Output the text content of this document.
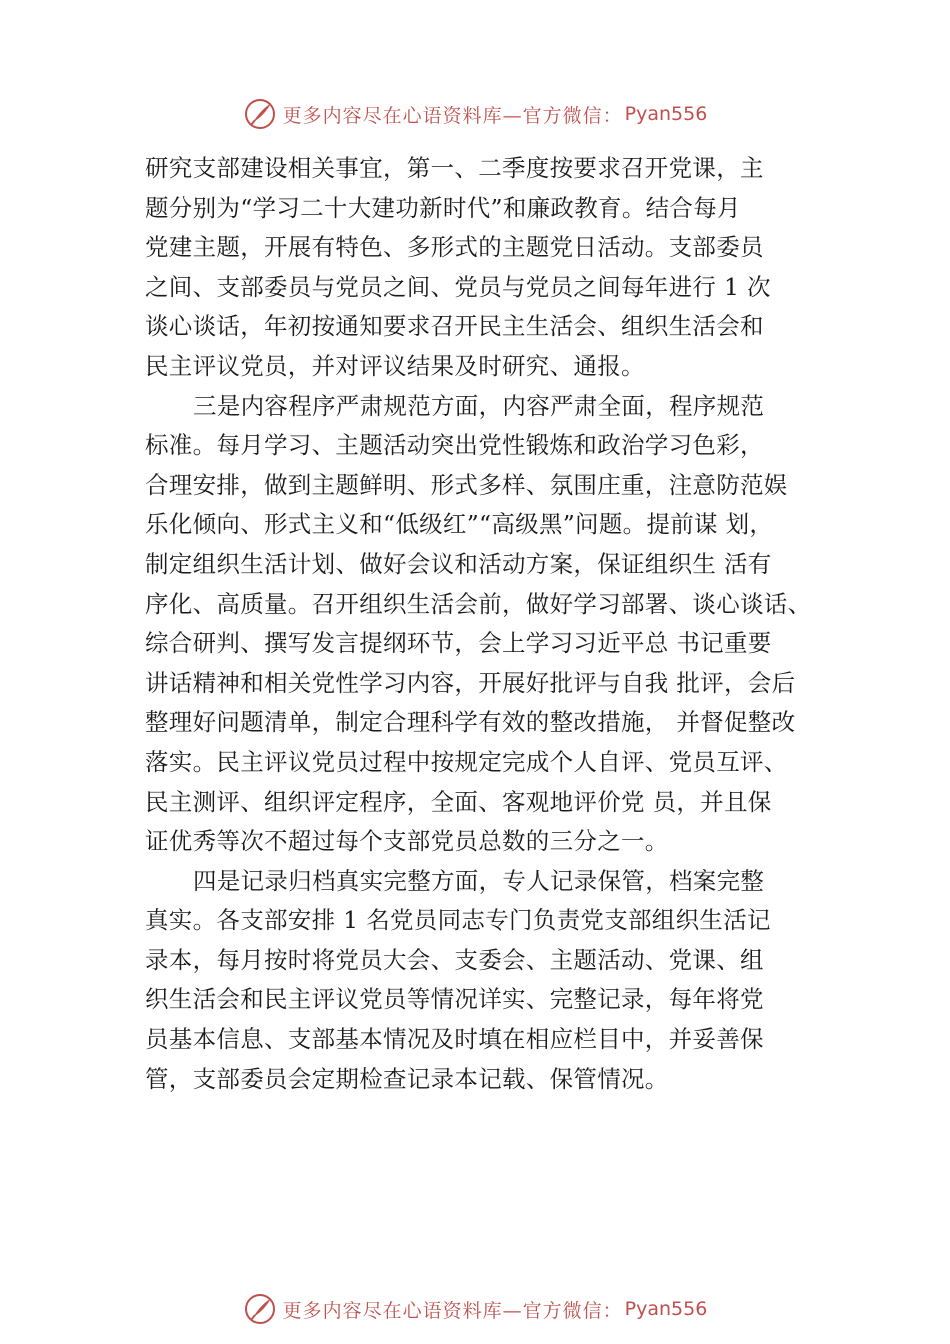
更多内容尽在心语资料库—官方微信： Pyan556
研究支部建设相关事宜，第一、二季度按要求召开党课，主
题分别为“学习二十大建功新时代”和廉政教育。结合每月
党建主题，开展有特色、多形式的主题党日活动。支部委员
之间、支部委员与党员之间、党员与党员之间每年进行 1 次
谈心谈话，年初按通知要求召开民主生活会、组织生活会和
民主评议党员，并对评议结果及时研究、通报。
三是内容程序严肃规范方面，内容严肃全面，程序规范
标准。每月学习、主题活动突出党性锻炼和政治学习色彩，
合理安排，做到主题鲜明、形式多样、氛围庄重，注意防范娱
乐化倾向、形式主义和“低级红”“高级黑”问题。提前谋 划，
制定组织生活计划、做好会议和活动方案，保证组织生 活有
序化、高质量。召开组织生活会前，做好学习部署、谈心谈话、
综合研判、撰写发言提纲环节，会上学习习近平总 书记重要
讲话精神和相关党性学习内容，开展好批评与自我 批评，会后
整理好问题清单，制定合理科学有效的整改措施， 并督促整改
落实。民主评议党员过程中按规定完成个人自评、党员互评、
民主测评、组织评定程序，全面、客观地评价党 员，并且保
证优秀等次不超过每个支部党员总数的三分之一。
四是记录归档真实完整方面，专人记录保管，档案完整
真实。各支部安排 1 名党员同志专门负责党支部组织生活记
录本，每月按时将党员大会、支委会、主题活动、党课、组
织生活会和民主评议党员等情况详实、完整记录，每年将党
员基本信息、支部基本情况及时填在相应栏目中，并妥善保
管，支部委员会定期检查记录本记载、保管情况。
更多内容尽在心语资料库—官方微信： Pyan556
